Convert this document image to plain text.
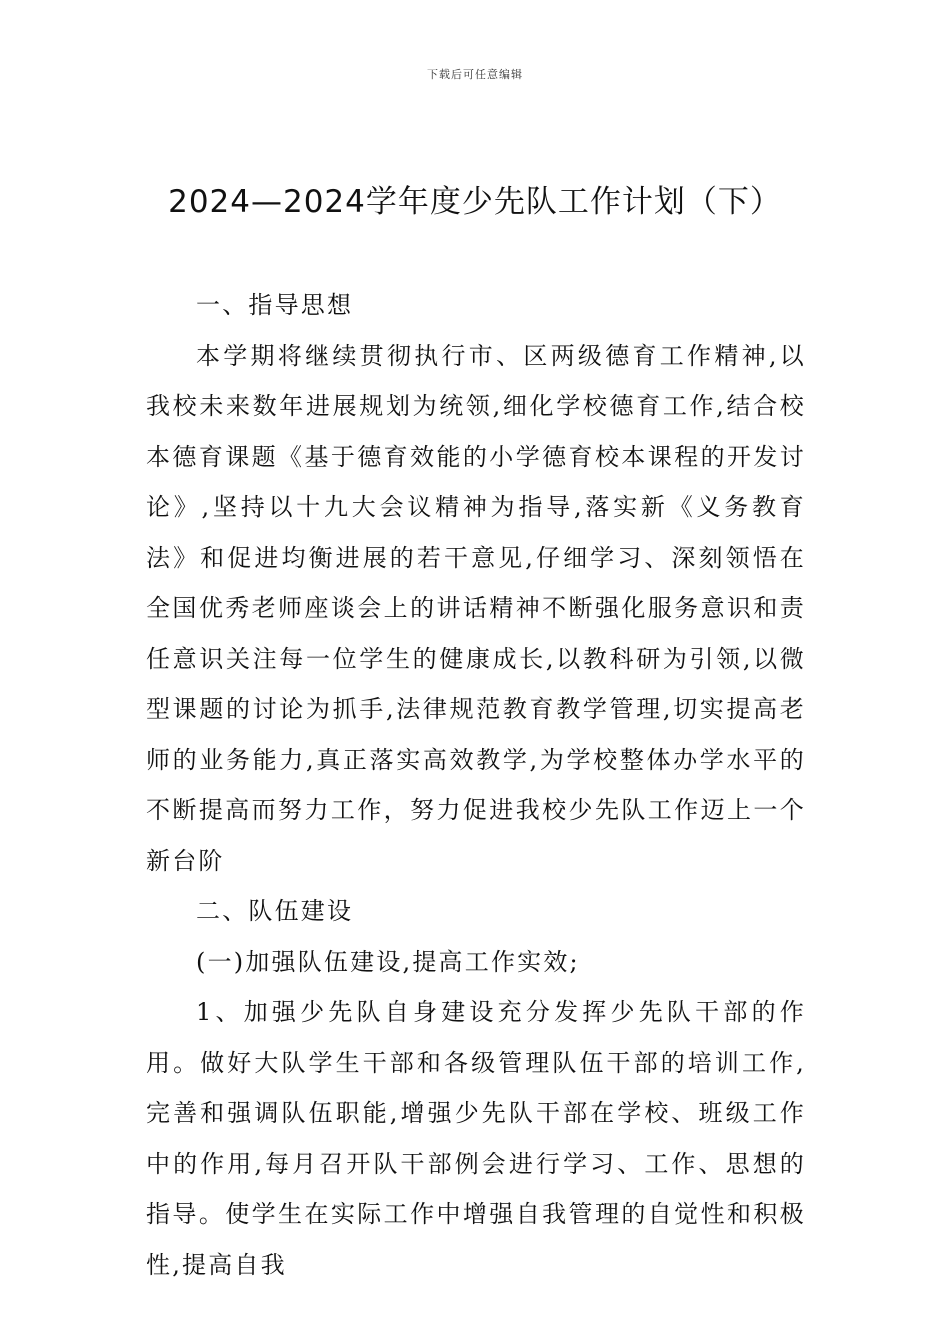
下载后可任意编辑
2024—2024学年度少先队工作计划（下）

一、指导思想

本学期将继续贯彻执行市、区两级德育工作精神,以我校未来数年进展规划为统领,细化学校德育工作,结合校本德育课题《基于德育效能的小学德育校本课程的开发讨论》,坚持以十九大会议精神为指导,落实新《义务教育法》和促进均衡进展的若干意见,仔细学习、深刻领悟在全国优秀老师座谈会上的讲话精神不断强化服务意识和责任意识关注每一位学生的健康成长,以教科研为引领,以微型课题的讨论为抓手,法律规范教育教学管理,切实提高老师的业务能力,真正落实高效教学,为学校整体办学水平的不断提高而努力工作，努力促进我校少先队工作迈上一个新台阶

二、队伍建设

(一)加强队伍建设,提高工作实效;

1、加强少先队自身建设充分发挥少先队干部的作用。做好大队学生干部和各级管理队伍干部的培训工作,完善和强调队伍职能,增强少先队干部在学校、班级工作中的作用,每月召开队干部例会进行学习、工作、思想的指导。使学生在实际工作中增强自我管理的自觉性和积极性,提高自我
